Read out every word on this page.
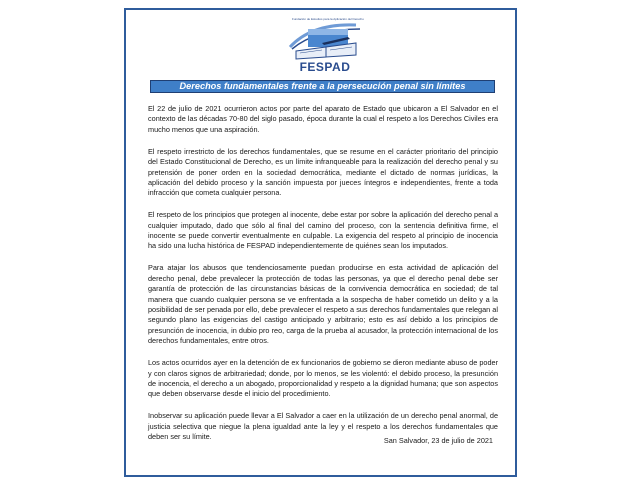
Fundación de Estudios para la Aplicación del Derecho
FESPAD
Derechos fundamentales frente a la persecución penal sin límites

El 22 de julio de 2021 ocurrieron actos por parte del aparato de Estado que ubicaron a El Salvador en el contexto de las décadas 70-80 del siglo pasado, época durante la cual el respeto a los Derechos Civiles era mucho menos que una aspiración.

El respeto irrestricto de los derechos fundamentales, que se resume en el carácter prioritario del principio del Estado Constitucional de Derecho, es un límite infranqueable para la realización del derecho penal y su pretensión de poner orden en la sociedad democrática, mediante el dictado de normas jurídicas, la aplicación del debido proceso y la sanción impuesta por jueces íntegros e independientes, frente a toda infracción que cometa cualquier persona.

El respeto de los principios que protegen al inocente, debe estar por sobre la aplicación del derecho penal a cualquier imputado, dado que sólo al final del camino del proceso, con la sentencia definitiva firme, el inocente se puede convertir eventualmente en culpable. La exigencia del respeto al principio de inocencia ha sido una lucha histórica de FESPAD independientemente de quiénes sean los imputados.

Para atajar los abusos que tendenciosamente puedan producirse en esta actividad de aplicación del derecho penal, debe prevalecer la protección de todas las personas, ya que el derecho penal debe ser garantía de protección de las circunstancias básicas de la convivencia democrática en sociedad; de tal manera que cuando cualquier persona se ve enfrentada a la sospecha de haber cometido un delito y a la posibilidad de ser penada por ello, debe prevalecer el respeto a sus derechos fundamentales que relegan al segundo plano las exigencias del castigo anticipado y arbitrario; esto es así debido a los principios de presunción de inocencia, in dubio pro reo, carga de la prueba al acusador, la protección internacional de los derechos fundamentales, entre otros.

Los actos ocurridos ayer en la detención de ex funcionarios de gobierno se dieron mediante abuso de poder y con claros signos de arbitrariedad; donde, por lo menos, se les violentó: el debido proceso, la presunción de inocencia, el derecho a un abogado, proporcionalidad y respeto a la dignidad humana; que son aspectos que deben observarse desde el inicio del procedimiento.

Inobservar su aplicación puede llevar a El Salvador a caer en la utilización de un derecho penal anormal, de justicia selectiva que niegue la plena igualdad ante la ley y el respeto a los derechos fundamentales que deben ser su límite.	San Salvador, 23 de julio de 2021
